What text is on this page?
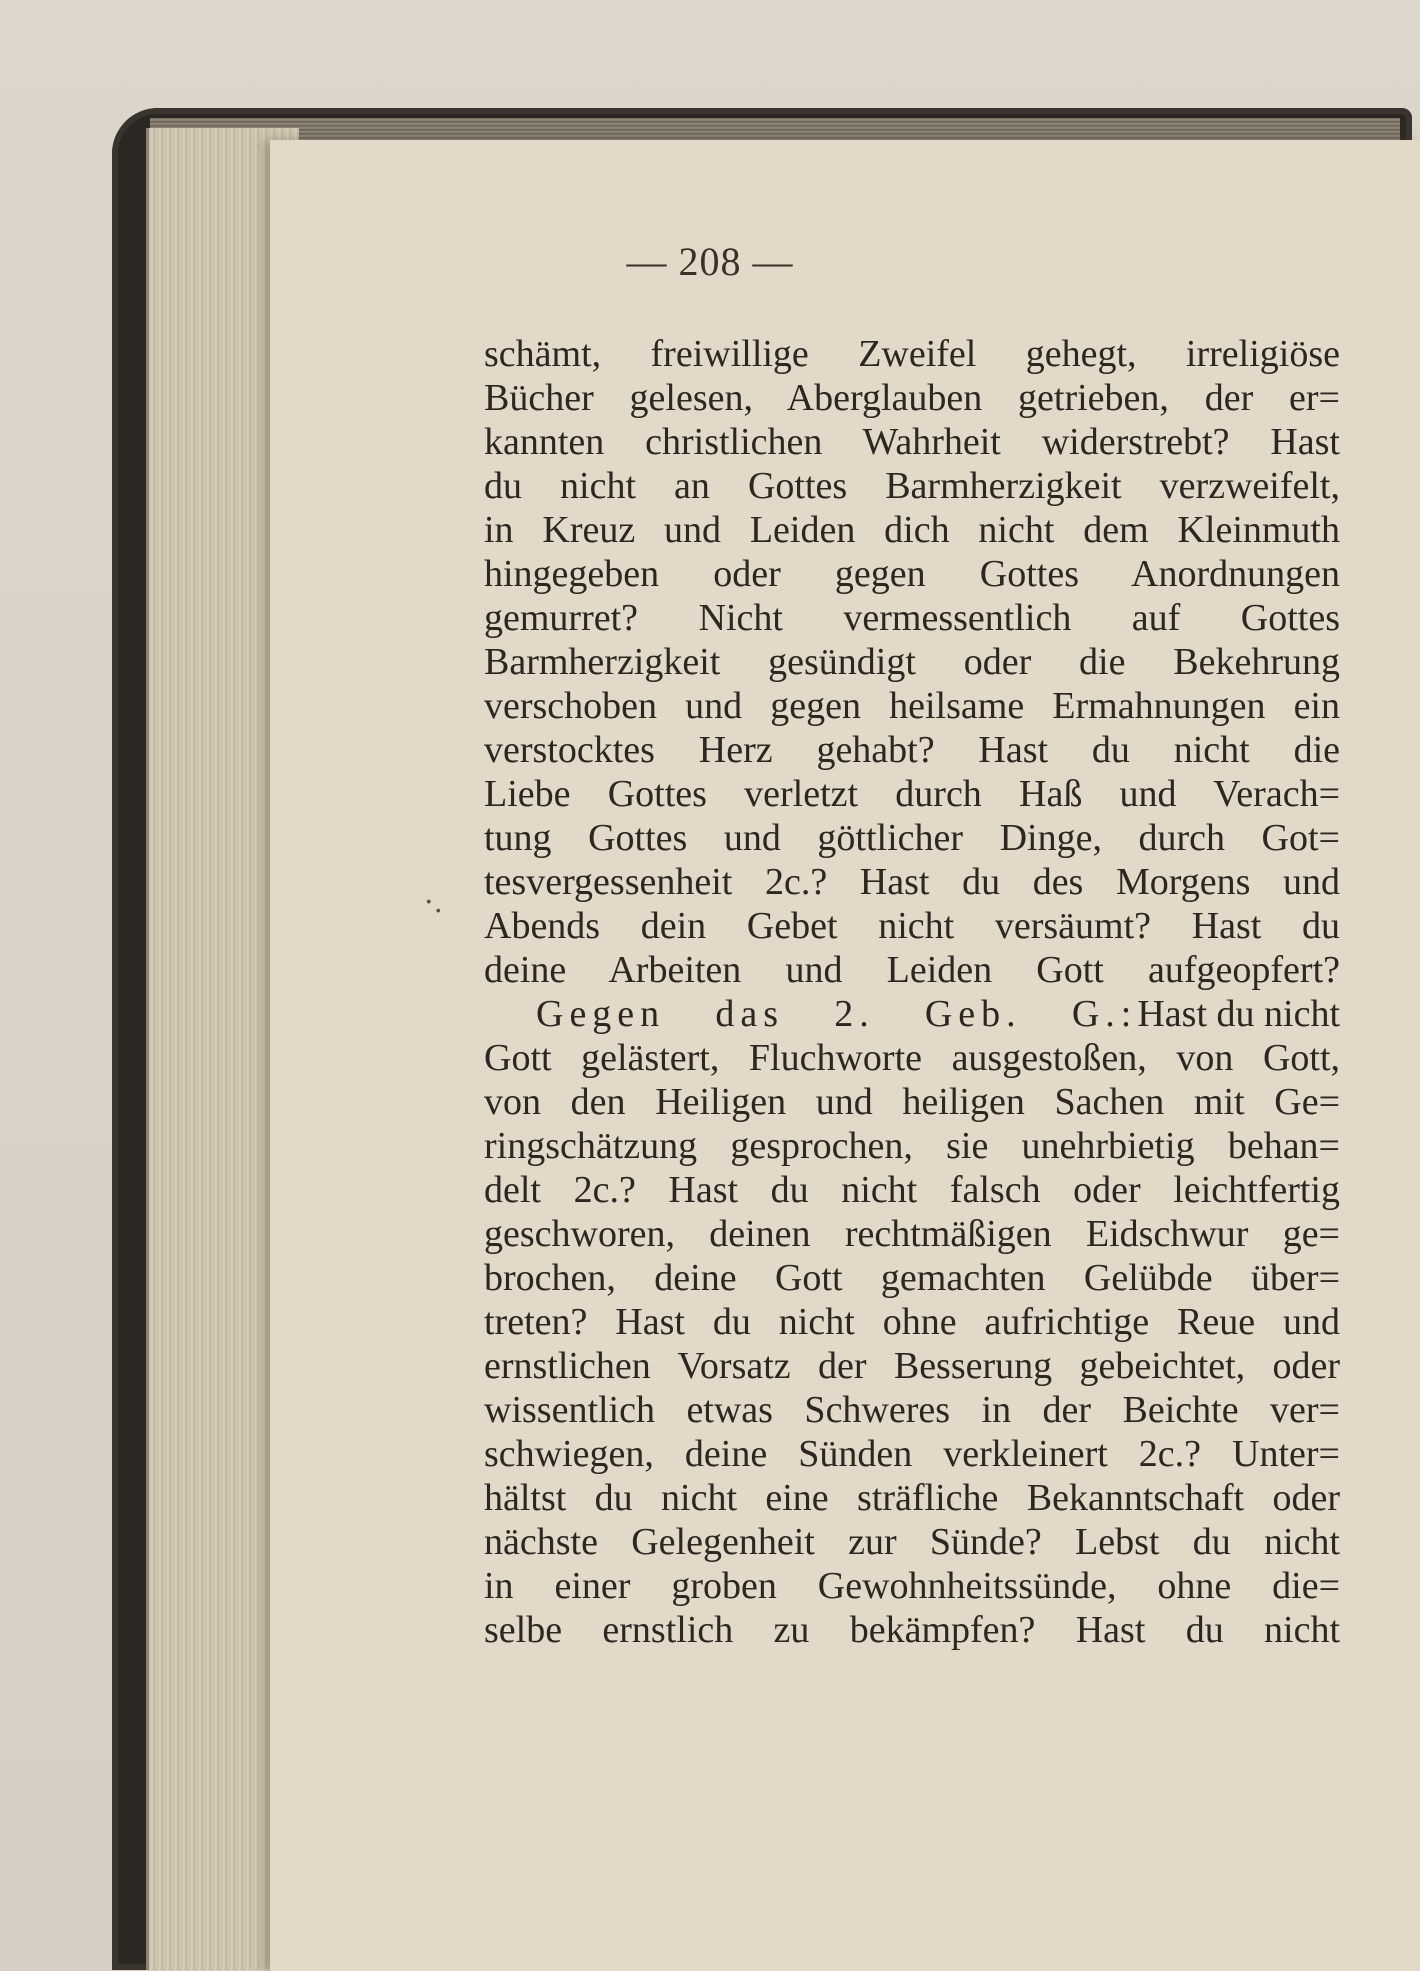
— 208 —
·.
schämt, freiwillige Zweifel gehegt, irreligiöse
Bücher gelesen, Aberglauben getrieben, der er=
kannten christlichen Wahrheit widerstrebt? Hast
du nicht an Gottes Barmherzigkeit verzweifelt,
in Kreuz und Leiden dich nicht dem Kleinmuth
hingegeben oder gegen Gottes Anordnungen
gemurret? Nicht vermessentlich auf Gottes
Barmherzigkeit gesündigt oder die Bekehrung
verschoben und gegen heilsame Ermahnungen ein
verstocktes Herz gehabt? Hast du nicht die
Liebe Gottes verletzt durch Haß und Verach=
tung Gottes und göttlicher Dinge, durch Got=
tesvergessenheit 2c.? Hast du des Morgens und
Abends dein Gebet nicht versäumt? Hast du
deine Arbeiten und Leiden Gott aufgeopfert?
Gegen das 2. Geb. G.: Hast du nicht
Gott gelästert, Fluchworte ausgestoßen, von Gott,
von den Heiligen und heiligen Sachen mit Ge=
ringschätzung gesprochen, sie unehrbietig behan=
delt 2c.? Hast du nicht falsch oder leichtfertig
geschworen, deinen rechtmäßigen Eidschwur ge=
brochen, deine Gott gemachten Gelübde über=
treten? Hast du nicht ohne aufrichtige Reue und
ernstlichen Vorsatz der Besserung gebeichtet, oder
wissentlich etwas Schweres in der Beichte ver=
schwiegen, deine Sünden verkleinert 2c.? Unter=
hältst du nicht eine sträfliche Bekanntschaft oder
nächste Gelegenheit zur Sünde? Lebst du nicht
in einer groben Gewohnheitssünde, ohne die=
selbe ernstlich zu bekämpfen? Hast du nicht
